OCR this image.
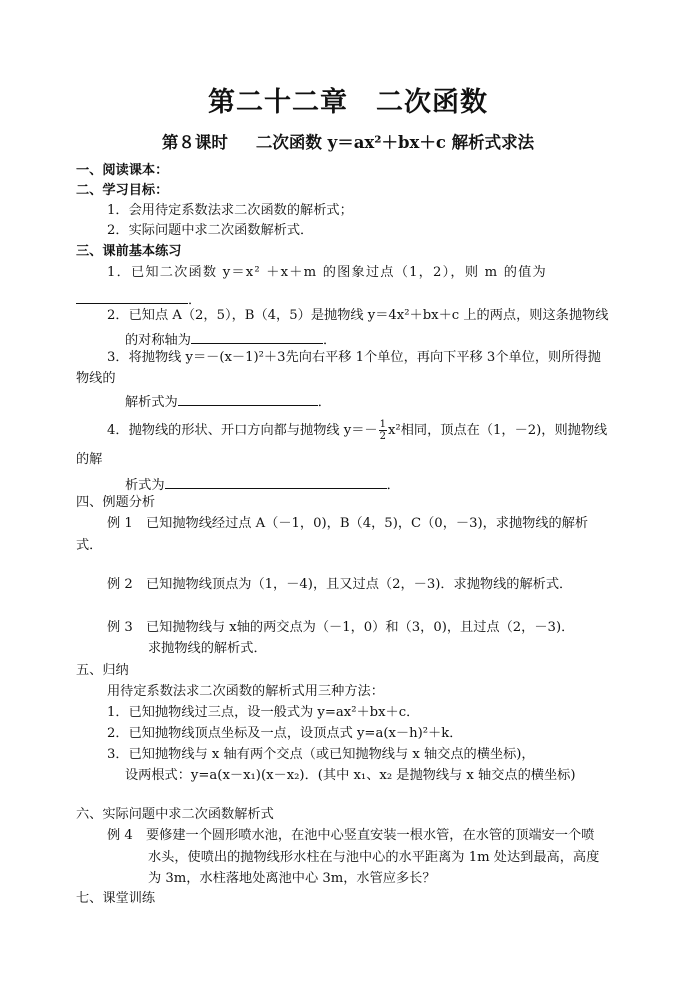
第二十二章　二次函数
第８课时　  二次函数 y＝ax²＋bx＋c 解析式求法
一、阅读课本：
二、学习目标：
1．会用待定系数法求二次函数的解析式；
2．实际问题中求二次函数解析式．
三、课前基本练习
1．已知二次函数 y＝x² ＋x＋m 的图象过点（1，2），则 m 的值为
．
2．已知点 A（2，5），B（4，5）是抛物线 y＝4x²＋bx＋c 上的两点，则这条抛物线
的对称轴为	．
3．将抛物线 y＝－(x－1)²＋3先向右平移 1个单位，再向下平移 3个单位，则所得抛
物线的
解析式为	．
4．抛物线的形状、开口方向都与抛物线 $y=- \frac{1}{2} x^2$相同，顶点在（1，－2)，则抛物线
的解
析式为	．
四、例题分析
例 1　已知抛物线经过点 A（－1，0)，B（4，5)，C（0，－3)，求抛物线的解析
式．
例 2　已知抛物线顶点为（1，－4)，且又过点（2，－3)．求抛物线的解析式．
例 3　已知抛物线与 x轴的两交点为（－1，0）和（3，0)，且过点（2，－3)．
求抛物线的解析式．
五、归纳
用待定系数法求二次函数的解析式用三种方法：
1．已知抛物线过三点，设一般式为 y=ax²＋bx＋c．
2．已知抛物线顶点坐标及一点，设顶点式 y=a(x－h)²＋k．
3．已知抛物线与 x 轴有两个交点（或已知抛物线与 x 轴交点的横坐标)，
设两根式：y=a(x－x₁)(x－x₂)．(其中 x₁、x₂ 是抛物线与 x 轴交点的横坐标)
六、实际问题中求二次函数解析式
例 4　要修建一个圆形喷水池，在池中心竖直安装一根水管，在水管的顶端安一个喷
水头，使喷出的抛物线形水柱在与池中心的水平距离为 1m 处达到最高，高度
为 3m，水柱落地处离池中心 3m，水管应多长？
七、课堂训练
